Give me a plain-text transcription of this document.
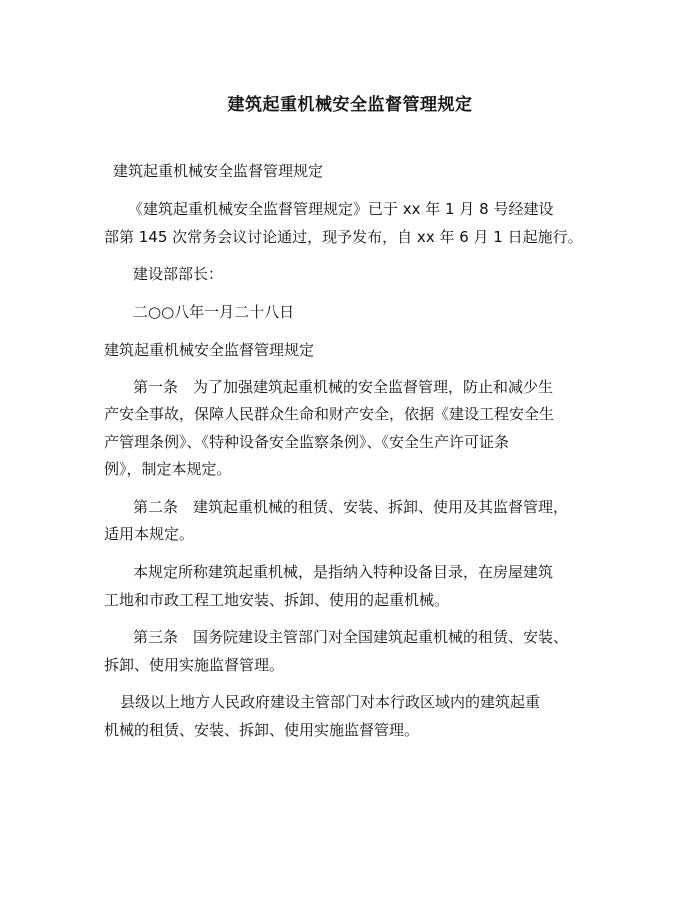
建筑起重机械安全监督管理规定
建筑起重机械安全监督管理规定
《建筑起重机械安全监督管理规定》已于 xx 年 1 月 8 号经建设
部第 145 次常务会议讨论通过，现予发布，自 xx 年 6 月 1 日起施行。
建设部部长：
二○○八年一月二十八日
建筑起重机械安全监督管理规定
第一条　为了加强建筑起重机械的安全监督管理，防止和减少生
产安全事故，保障人民群众生命和财产安全，依据《建设工程安全生
产管理条例》、《特种设备安全监察条例》、《安全生产许可证条
例》，制定本规定。
第二条　建筑起重机械的租赁、安装、拆卸、使用及其监督管理，
适用本规定。
本规定所称建筑起重机械，是指纳入特种设备目录，在房屋建筑
工地和市政工程工地安装、拆卸、使用的起重机械。
第三条　国务院建设主管部门对全国建筑起重机械的租赁、安装、
拆卸、使用实施监督管理。
县级以上地方人民政府建设主管部门对本行政区域内的建筑起重
机械的租赁、安装、拆卸、使用实施监督管理。
